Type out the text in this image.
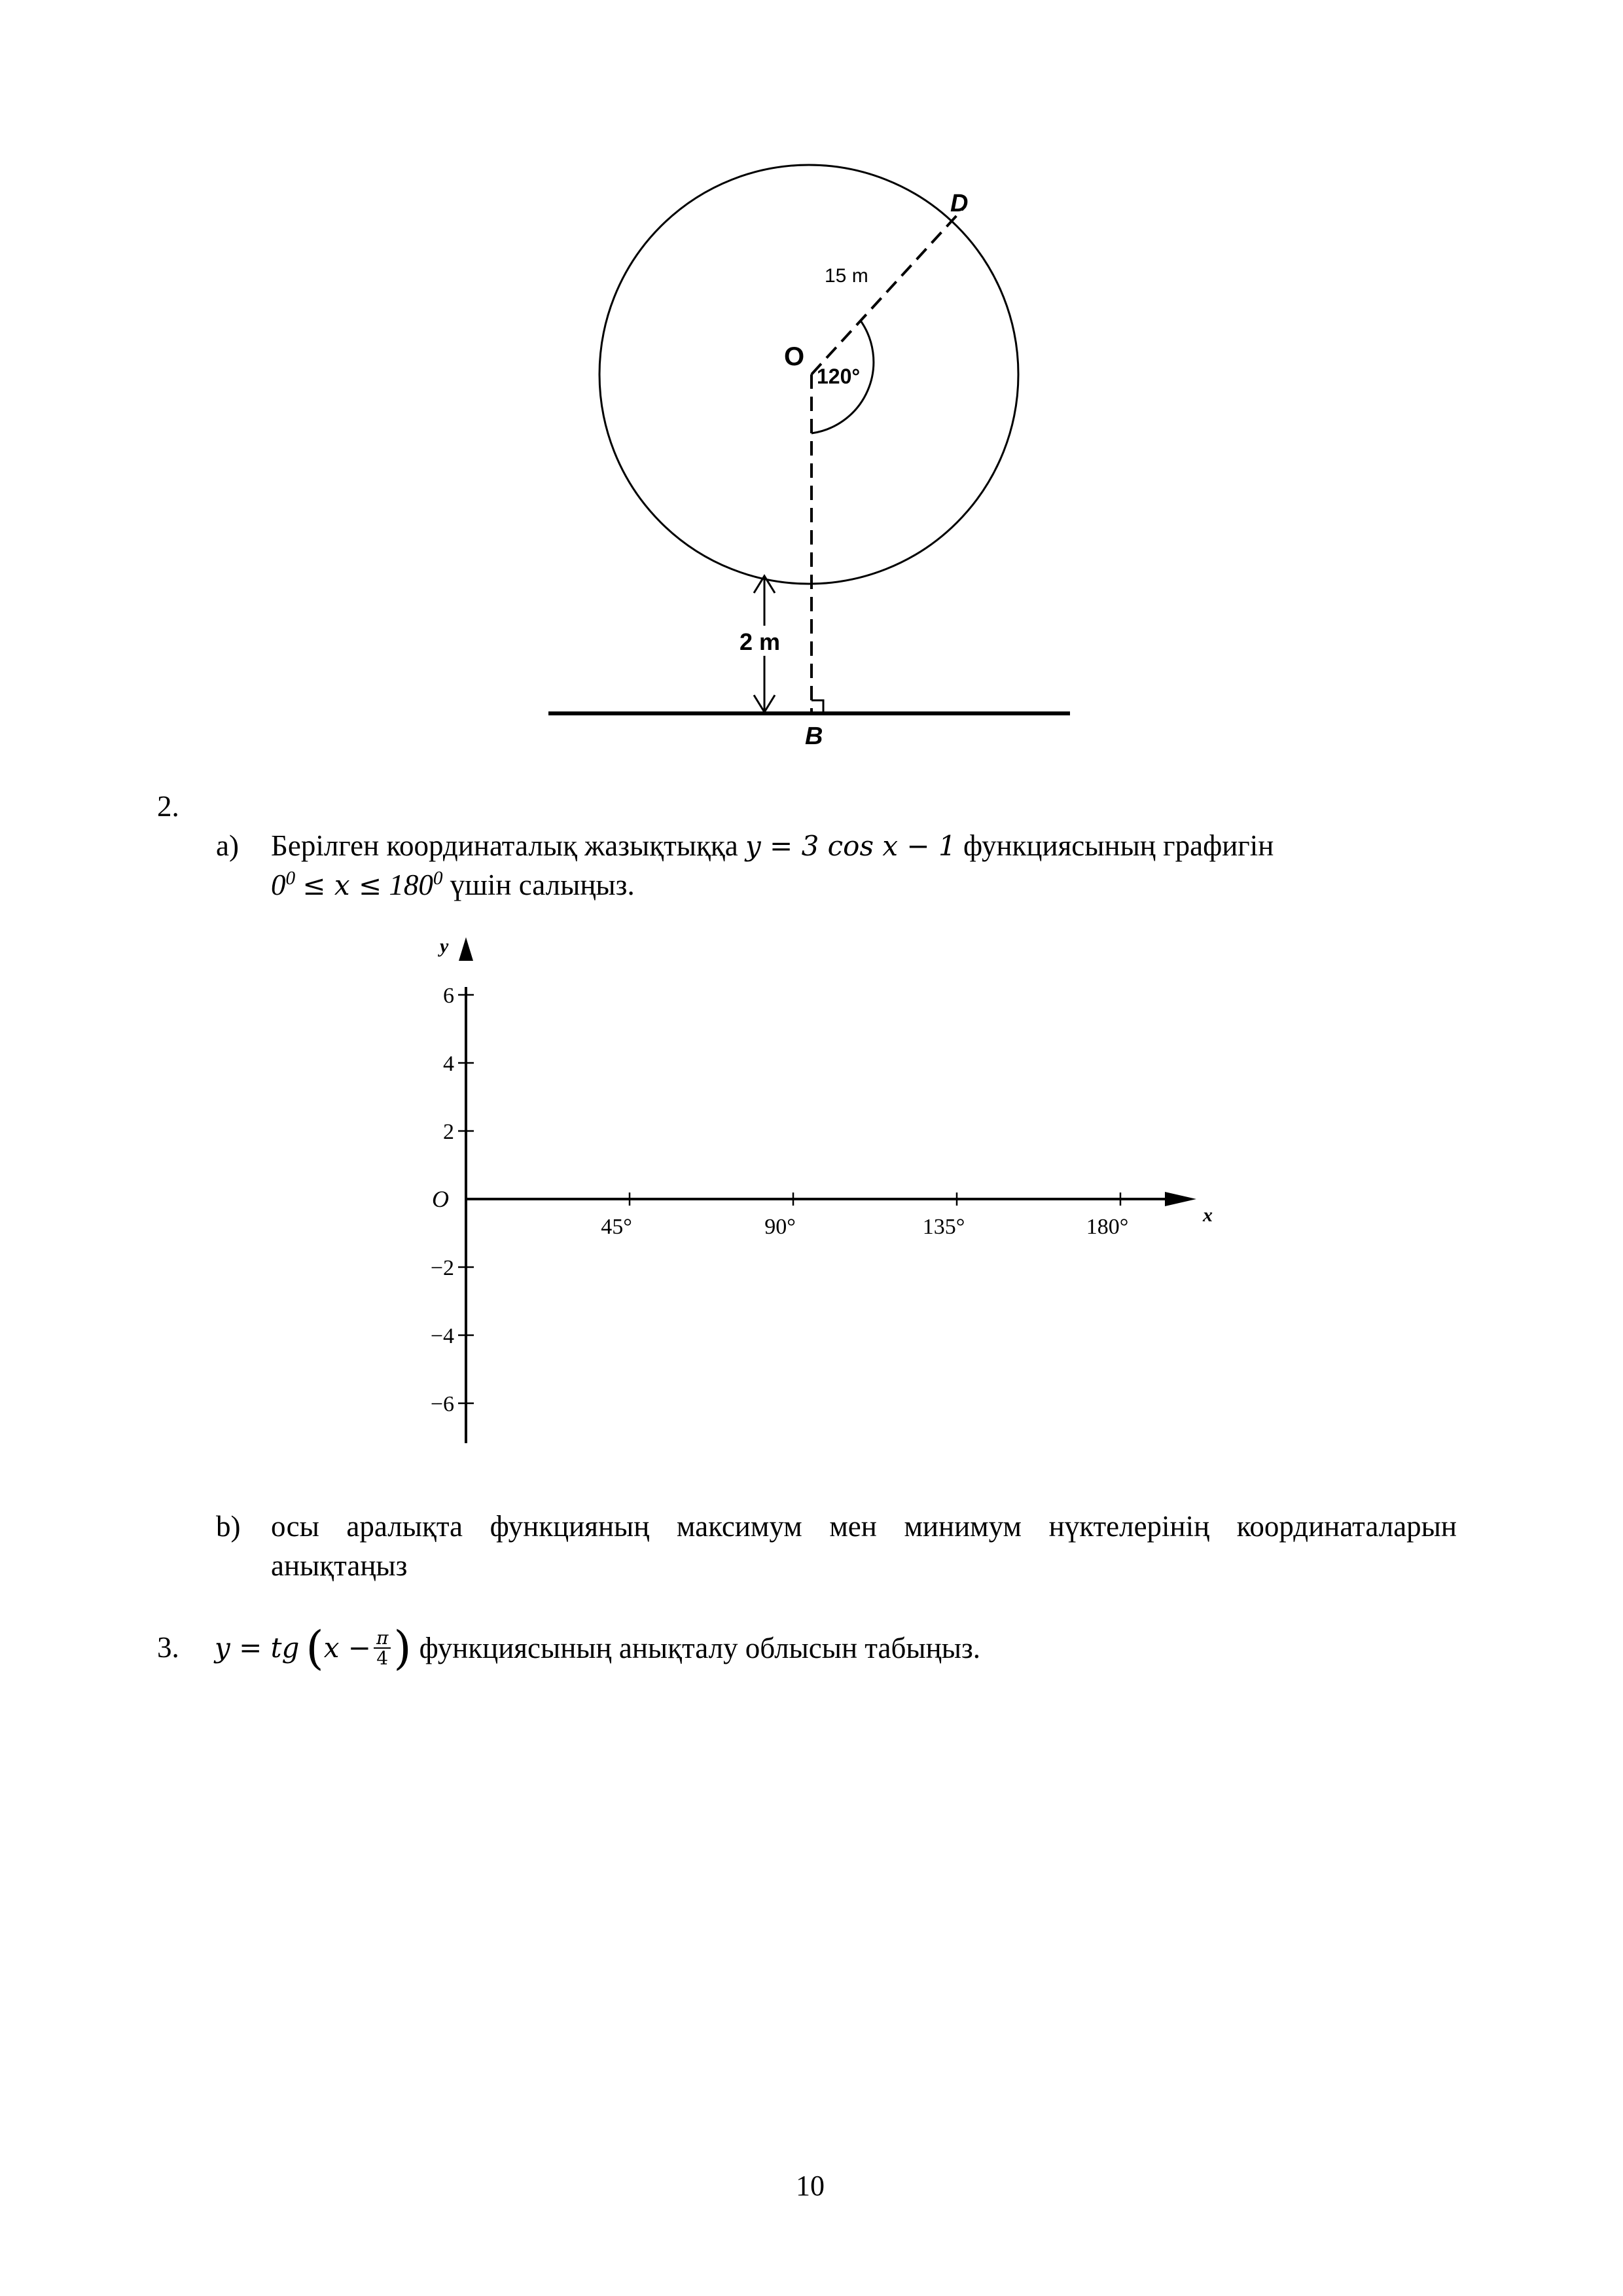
D
15 m
O
120°
2 m
B
2.
a) Берілген координаталық жазықтыққа y = 3 cos x − 1 функциясының графигін
$0^0 \le x \le 180^0$ үшін салыңыз.
45°	90°	135°	180°
6
4
2
−2
−4
−6
O
x
y
b) осы аралықта функцияның максимум мен минимум нүктелерінің координаталарын
анықтаңыз
3. y = tg ( $x - \frac{\pi}{4}$ ) функциясының анықталу облысын табыңыз.
10
